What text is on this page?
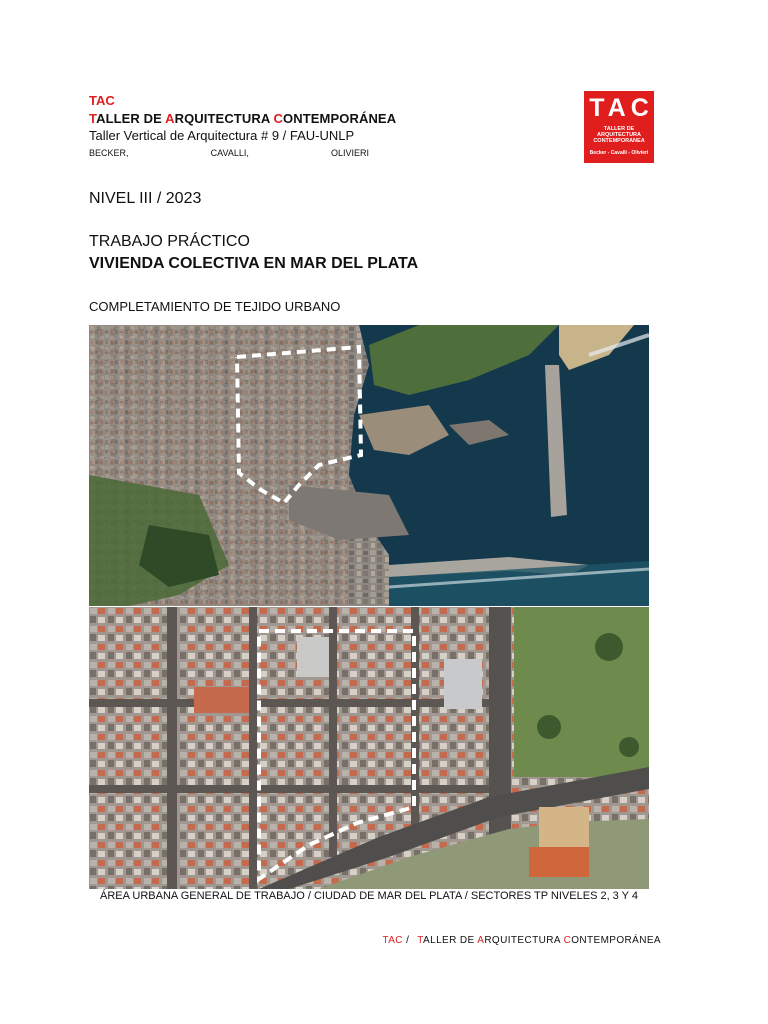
TAC
TALLER DE ARQUITECTURA CONTEMPORÁNEA
Taller Vertical de Arquitectura # 9 / FAU-UNLP
BECKER,	CAVALLI,	OLIVIERI
TAC
TALLER DE ARQUITECTURA
CONTEMPORANEA
Becker - Cavalli - Olivieri
NIVEL III / 2023
TRABAJO PRÁCTICO
VIVIENDA COLECTIVA EN MAR DEL PLATA
COMPLETAMIENTO DE TEJIDO URBANO
ÁREA URBANA GENERAL DE TRABAJO / CIUDAD DE MAR DEL PLATA / SECTORES TP NIVELES 2, 3 Y 4
TAC / TALLER DE ARQUITECTURA CONTEMPORÁNEA
